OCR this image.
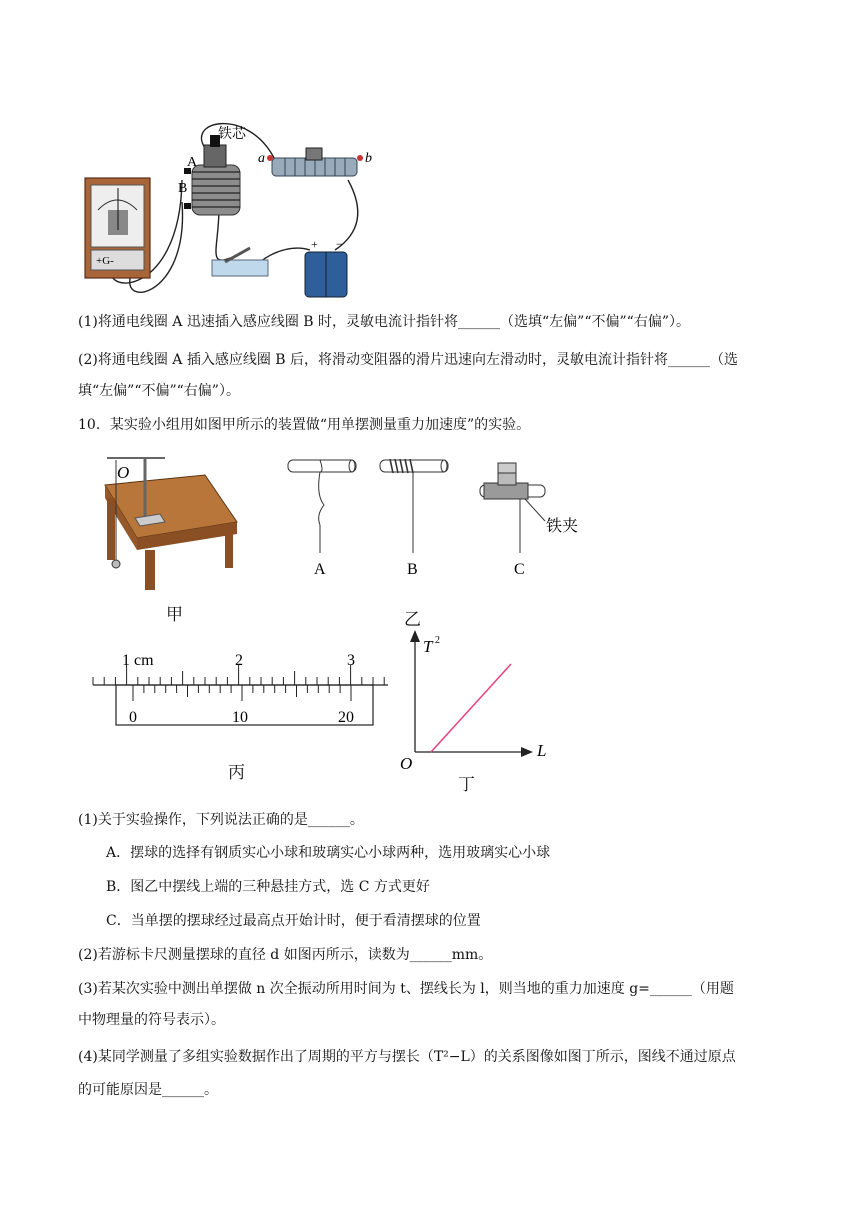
+G-
铁芯
A
B
a	b
+ −
(1)将通电线圈 A 迅速插入感应线圈 B 时，灵敏电流计指针将______（选填“左偏”“不偏”“右偏”）。
(2)将通电线圈 A 插入感应线圈 B 后，将滑动变阻器的滑片迅速向左滑动时，灵敏电流计指针将______（选
填“左偏”“不偏”“右偏”）。
10．某实验小组用如图甲所示的装置做“用单摆测量重力加速度”的实验。
O
甲
A	B	C
铁夹
乙
1 cm	2	3
0	10	20
丙
T 2
L
O
丁
(1)关于实验操作，下列说法正确的是______。
A．摆球的选择有钢质实心小球和玻璃实心小球两种，选用玻璃实心小球
B．图乙中摆线上端的三种悬挂方式，选 C 方式更好
C．当单摆的摆球经过最高点开始计时，便于看清摆球的位置
(2)若游标卡尺测量摆球的直径 d 如图丙所示，读数为______mm。
(3)若某次实验中测出单摆做 n 次全振动所用时间为 t、摆线长为 l，则当地的重力加速度 g=______（用题
中物理量的符号表示）。
(4)某同学测量了多组实验数据作出了周期的平方与摆长（T²−L）的关系图像如图丁所示，图线不通过原点
的可能原因是______。
